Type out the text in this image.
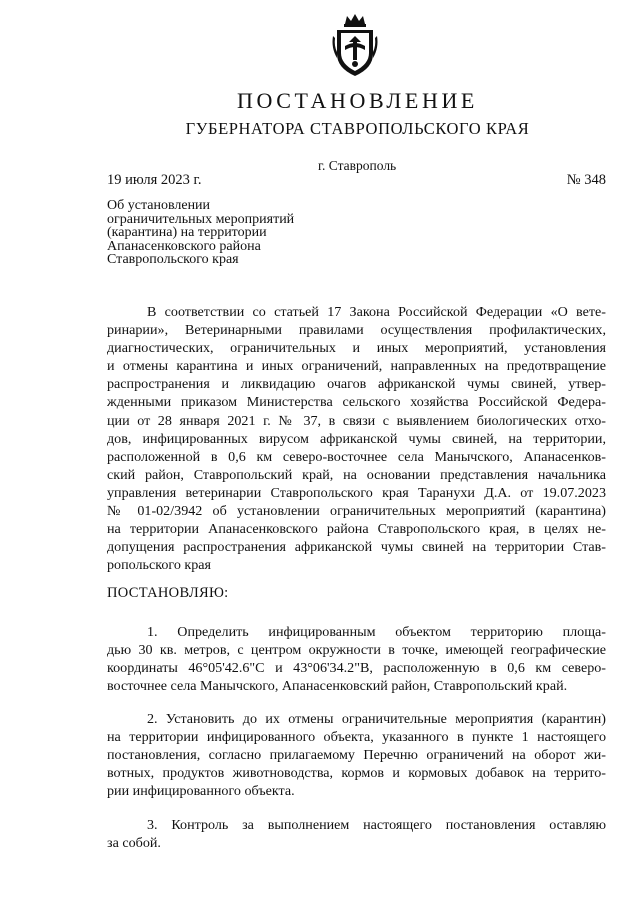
ПОСТАНОВЛЕНИЕ
ГУБЕРНАТОРА СТАВРОПОЛЬСКОГО КРАЯ
г. Ставрополь
19 июля 2023 г.	№ 348
Об установлении
ограничительных мероприятий
(карантина) на территории
Апанасенковского района
Ставропольского края
В соответствии со статьей 17 Закона Российской Федерации «О вете-
ринарии», Ветеринарными правилами осуществления профилактических,
диагностических, ограничительных и иных мероприятий, установления
и отмены карантина и иных ограничений, направленных на предотвращение
распространения и ликвидацию очагов африканской чумы свиней, утвер-
жденными приказом Министерства сельского хозяйства Российской Федера-
ции от 28 января 2021 г. № 37, в связи с выявлением биологических отхо-
дов, инфицированных вирусом африканской чумы свиней, на территории,
расположенной в 0,6 км северо-восточнее села Манычского, Апанасенков-
ский район, Ставропольский край, на основании представления начальника
управления ветеринарии Ставропольского края Таранухи Д.А. от 19.07.2023
№ 01-02/3942 об установлении ограничительных мероприятий (карантина)
на территории Апанасенковского района Ставропольского края, в целях не-
допущения распространения африканской чумы свиней на территории Став-
ропольского края
ПОСТАНОВЛЯЮ:
1. Определить инфицированным объектом территорию площа-
дью 30 кв. метров, с центром окружности в точке, имеющей географические
координаты 46°05'42.6"С и 43°06'34.2"В, расположенную в 0,6 км северо-
восточнее села Манычского, Апанасенковский район, Ставропольский край.
2. Установить до их отмены ограничительные мероприятия (карантин)
на территории инфицированного объекта, указанного в пункте 1 настоящего
постановления, согласно прилагаемому Перечню ограничений на оборот жи-
вотных, продуктов животноводства, кормов и кормовых добавок на террито-
рии инфицированного объекта.
3. Контроль за выполнением настоящего постановления оставляю
за собой.
